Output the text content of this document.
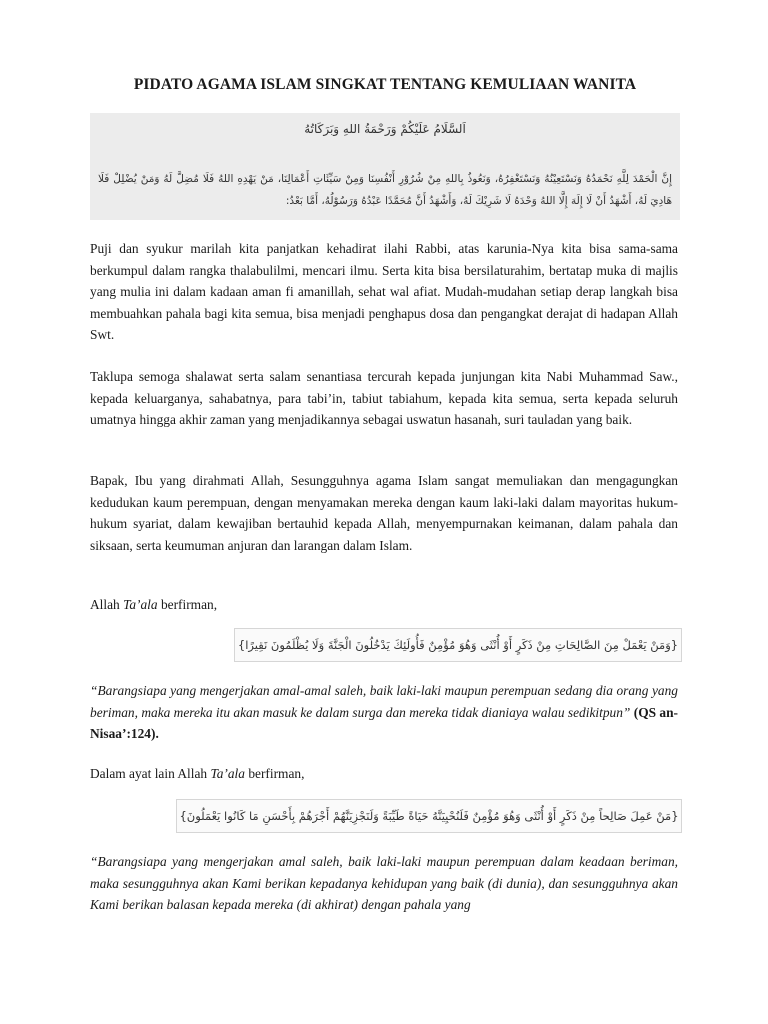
PIDATO AGAMA ISLAM SINGKAT TENTANG KEMULIAAN WANITA
اَلسَّلَامُ عَلَيْكُمْ وَرَحْمَةُ اللهِ وَبَرَكَاتُهُ
إِنَّ الْحَمْدَ لِلَّهِ نَحْمَدُهُ وَنَسْتَعِيْنُهُ وَنَسْتَغْفِرُهُ، وَنَعُوذُ بِاللهِ مِنْ شُرُوْرِ أَنْفُسِنَا وَمِنْ سَيِّئَاتِ أَعْمَالِنَا، مَنْ يَهْدِهِ اللهُ فَلَا مُضِلَّ لَهُ وَمَنْ يُضْلِلْ فَلَا هَادِيَ لَهُ، أَشْهَدُ أَنْ لَا إِلَهَ إِلَّا اللهُ وَحْدَهُ لَا شَرِيْكَ لَهُ، وَأَشْهَدُ أَنَّ مُحَمَّدًا عَبْدُهُ وَرَسُوْلُهُ، أَمَّا بَعْدُ:
Puji dan syukur marilah kita panjatkan kehadirat ilahi Rabbi, atas karunia-Nya kita bisa sama-sama berkumpul dalam rangka thalabulilmi, mencari ilmu. Serta kita bisa bersilaturahim, bertatap muka di majlis yang mulia ini dalam kadaan aman fi amanillah, sehat wal afiat. Mudah-mudahan setiap derap langkah bisa membuahkan pahala bagi kita semua, bisa menjadi penghapus dosa dan pengangkat derajat di hadapan Allah Swt.
Taklupa semoga shalawat serta salam senantiasa tercurah kepada junjungan kita Nabi Muhammad Saw., kepada keluarganya, sahabatnya, para tabi’in, tabiut tabiahum, kepada kita semua, serta kepada seluruh umatnya hingga akhir zaman yang menjadikannya sebagai uswatun hasanah, suri tauladan yang baik.
Bapak, Ibu yang dirahmati Allah, Sesungguhnya agama Islam sangat memuliakan dan mengagungkan kedudukan kaum perempuan, dengan menyamakan mereka dengan kaum laki-laki dalam mayoritas hukum-hukum syariat, dalam kewajiban bertauhid kepada Allah, menyempurnakan keimanan, dalam pahala dan siksaan, serta keumuman anjuran dan larangan dalam Islam.
Allah Ta’ala berfirman,
{وَمَنْ يَعْمَلْ مِنَ الصَّالِحَاتِ مِنْ ذَكَرٍ أَوْ أُنْثَى وَهُوَ مُؤْمِنٌ فَأُولَئِكَ يَدْخُلُونَ الْجَنَّةَ وَلَا يُظْلَمُونَ نَقِيرًا}
“Barangsiapa yang mengerjakan amal-amal saleh, baik laki-laki maupun perempuan sedang dia orang yang beriman, maka mereka itu akan masuk ke dalam surga dan mereka tidak dianiaya walau sedikitpun” (QS an-Nisaa’:124).
Dalam ayat lain Allah Ta’ala berfirman,
{مَنْ عَمِلَ صَالِحاً مِنْ ذَكَرٍ أَوْ أُنْثَى وَهُوَ مُؤْمِنٌ فَلَنُحْيِيَنَّهُ حَيَاةً طَيِّبَةً وَلَنَجْزِيَنَّهُمْ أَجْرَهُمْ بِأَحْسَنِ مَا كَانُوا يَعْمَلُونَ}
“Barangsiapa yang mengerjakan amal saleh, baik laki-laki maupun perempuan dalam keadaan beriman, maka sesungguhnya akan Kami berikan kepadanya kehidupan yang baik (di dunia), dan sesungguhnya akan Kami berikan balasan kepada mereka (di akhirat) dengan pahala yang
